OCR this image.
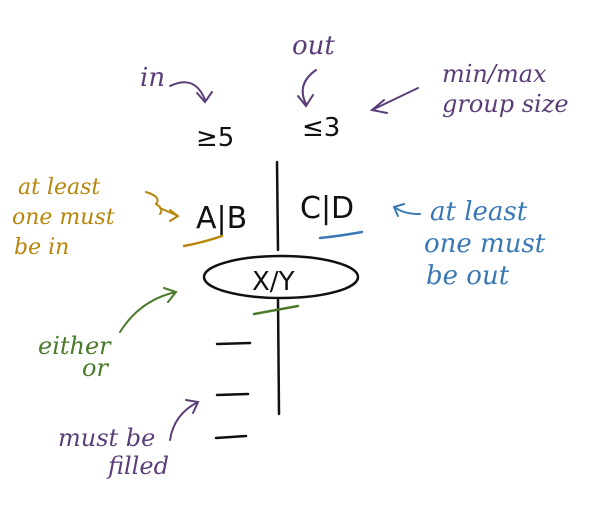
in
out
≥5	≤3
min/max
group size
at least
one must
be in
A|B C|D	at least
one must
be out
X/Y
either
or
must be
filled
